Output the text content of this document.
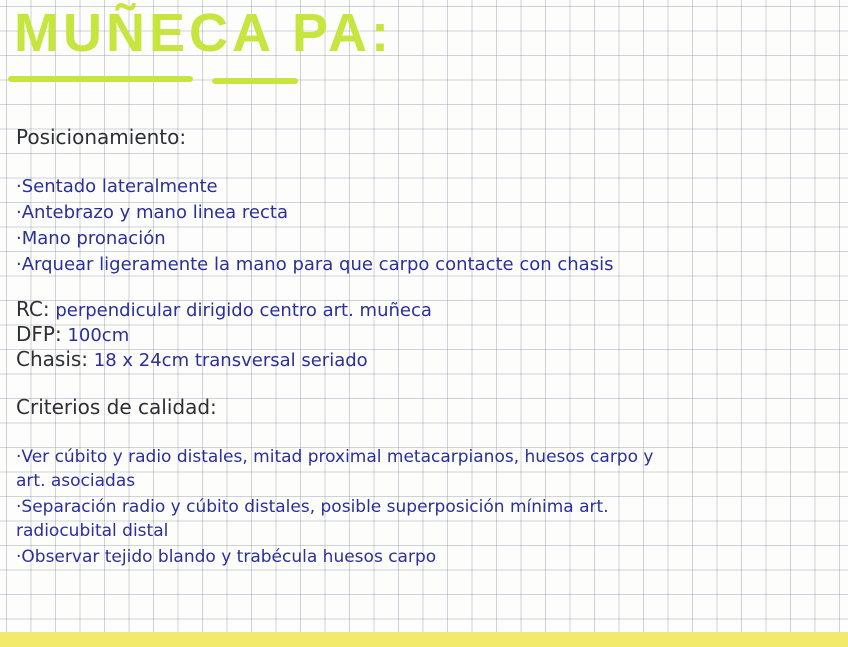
MUÑECA PA:

Posicionamiento:

·Sentado lateralmente

·Antebrazo y mano linea recta

·Mano pronación

·Arquear ligeramente la mano para que carpo contacte con chasis

RC: perpendicular dirigido centro art. muñeca

DFP: 100cm

Chasis: 18 x 24cm transversal seriado

Criterios de calidad:

·Ver cúbito y radio distales, mitad proximal metacarpianos, huesos carpo y

art. asociadas

·Separación radio y cúbito distales, posible superposición mínima art.

radiocubital distal

·Observar tejido blando y trabécula huesos carpo
